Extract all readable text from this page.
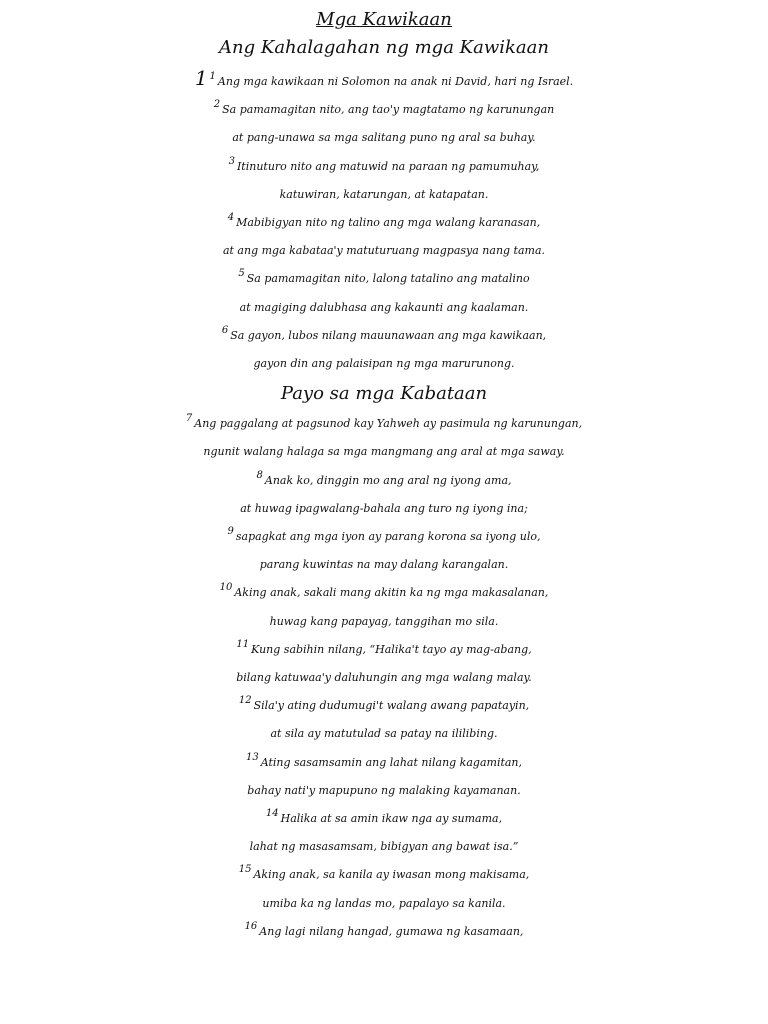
Mga Kawikaan

Ang Kahalagahan ng mga Kawikaan

1 $^1$ Ang mga kawikaan ni Solomon na anak ni David, hari ng Israel.

$^2$ Sa pamamagitan nito, ang tao'y magtatamo ng karunungan

at pang-unawa sa mga salitang puno ng aral sa buhay.

$^3$ Itinuturo nito ang matuwid na paraan ng pamumuhay,

katuwiran, katarungan, at katapatan.

$^4$ Mabibigyan nito ng talino ang mga walang karanasan,

at ang mga kabataa'y matuturuang magpasya nang tama.

$^5$ Sa pamamagitan nito, lalong tatalino ang matalino

at magiging dalubhasa ang kakaunti ang kaalaman.

$^6$ Sa gayon, lubos nilang mauunawaan ang mga kawikaan,

gayon din ang palaisipan ng mga marurunong.

Payo sa mga Kabataan

$^7$ Ang paggalang at pagsunod kay Yahweh ay pasimula ng karunungan,

ngunit walang halaga sa mga mangmang ang aral at mga saway.

$^8$ Anak ko, dinggin mo ang aral ng iyong ama,

at huwag ipagwalang-bahala ang turo ng iyong ina;

$^9$ sapagkat ang mga iyon ay parang korona sa iyong ulo,

parang kuwintas na may dalang karangalan.

$^{10}$ Aking anak, sakali mang akitin ka ng mga makasalanan,

huwag kang papayag, tanggihan mo sila.

$^{11}$ Kung sabihin nilang, “Halika't tayo ay mag-abang,

bilang katuwaa'y daluhungin ang mga walang malay.

$^{12}$ Sila'y ating dudumugi't walang awang papatayin,

at sila ay matutulad sa patay na ililibing.

$^{13}$ Ating sasamsamin ang lahat nilang kagamitan,

bahay nati'y mapupuno ng malaking kayamanan.

$^{14}$ Halika at sa amin ikaw nga ay sumama,

lahat ng masasamsam, bibigyan ang bawat isa.”

$^{15}$ Aking anak, sa kanila ay iwasan mong makisama,

umiba ka ng landas mo, papalayo sa kanila.

$^{16}$ Ang lagi nilang hangad, gumawa ng kasamaan,
